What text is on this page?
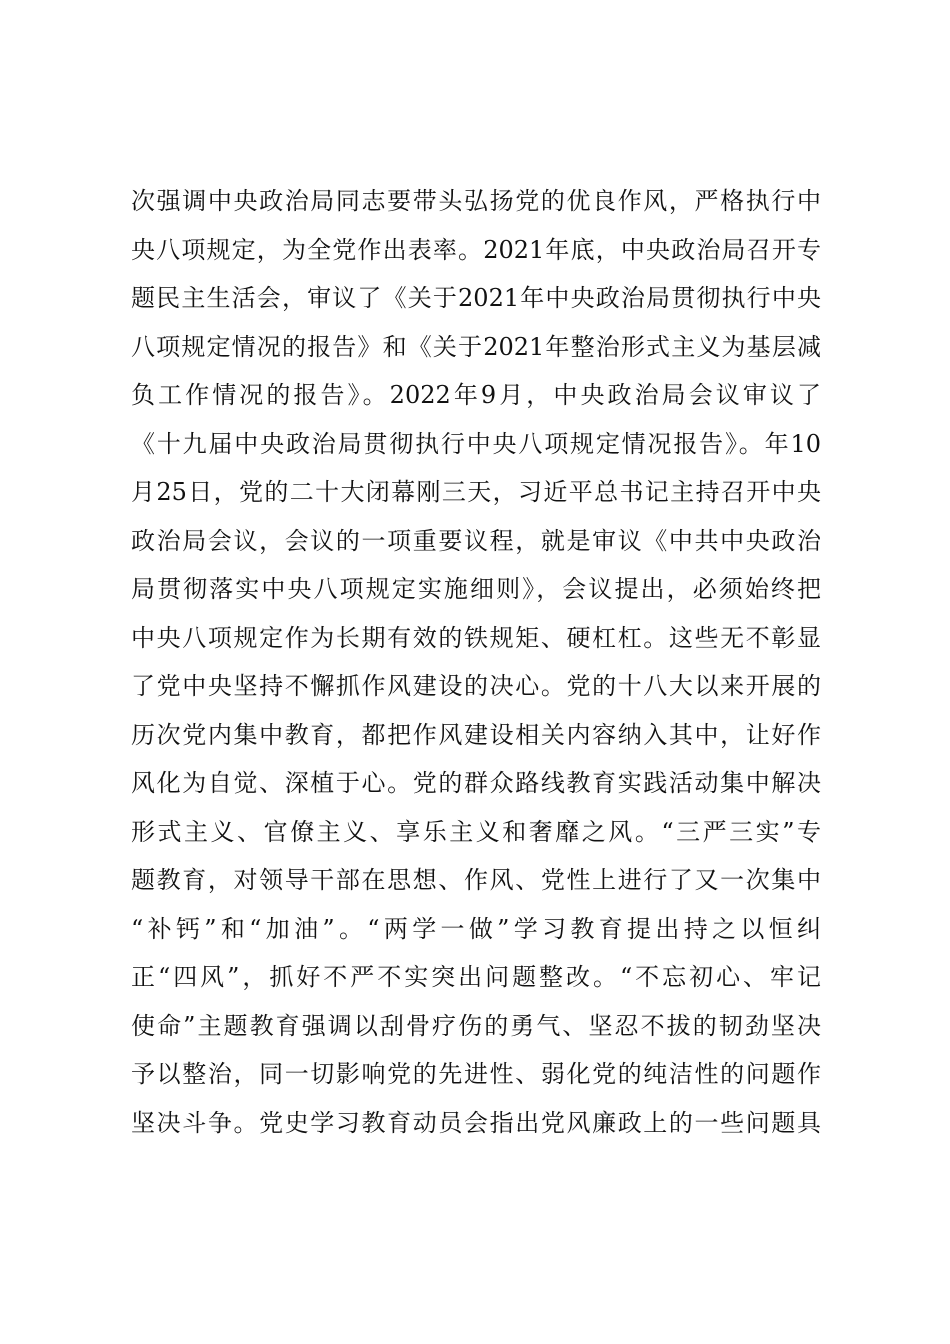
次强调中央政治局同志要带头弘扬党的优良作风，严格执行中
央八项规定，为全党作出表率。2021年底，中央政治局召开专
题民主生活会，审议了《关于2021年中央政治局贯彻执行中央
八项规定情况的报告》和《关于2021年整治形式主义为基层减
负工作情况的报告》。2022年9月，中央政治局会议审议了
《十九届中央政治局贯彻执行中央八项规定情况报告》。年10
月25日，党的二十大闭幕刚三天，习近平总书记主持召开中央
政治局会议，会议的一项重要议程，就是审议《中共中央政治
局贯彻落实中央八项规定实施细则》，会议提出，必须始终把
中央八项规定作为长期有效的铁规矩、硬杠杠。这些无不彰显
了党中央坚持不懈抓作风建设的决心。党的十八大以来开展的
历次党内集中教育，都把作风建设相关内容纳入其中，让好作
风化为自觉、深植于心。党的群众路线教育实践活动集中解决
形式主义、官僚主义、享乐主义和奢靡之风。“三严三实”专
题教育，对领导干部在思想、作风、党性上进行了又一次集中
“补钙”和“加油”。“两学一做”学习教育提出持之以恒纠
正“四风”，抓好不严不实突出问题整改。“不忘初心、牢记
使命”主题教育强调以刮骨疗伤的勇气、坚忍不拔的韧劲坚决
予以整治，同一切影响党的先进性、弱化党的纯洁性的问题作
坚决斗争。党史学习教育动员会指出党风廉政上的一些问题具
